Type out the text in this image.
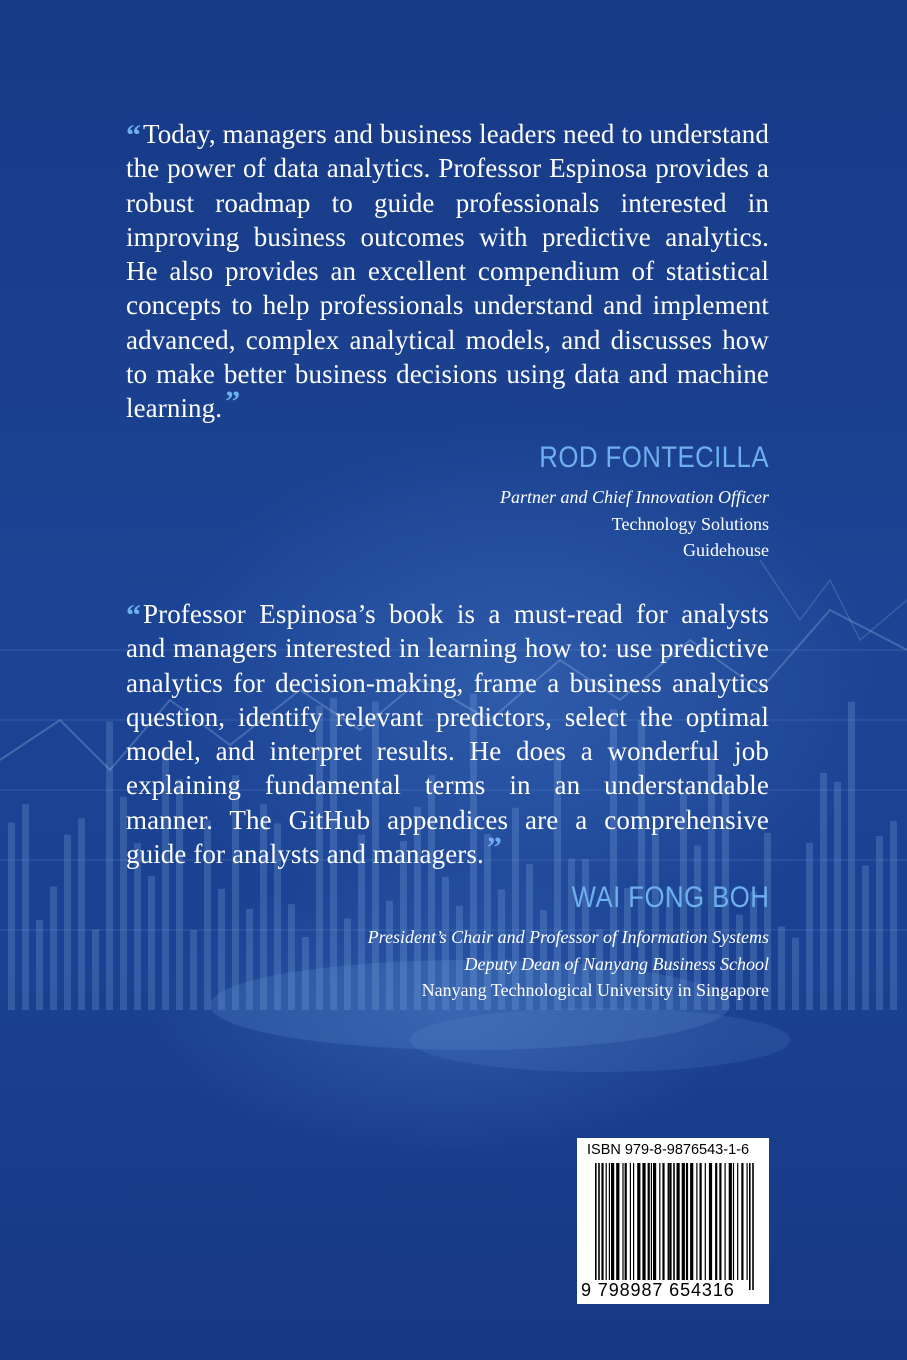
“ Today, managers and business leaders need to understand the power of data analytics. Professor Espinosa provides a robust roadmap to guide professionals interested in improving business outcomes with predictive analytics. He also provides an excellent compendium of statistical concepts to help professionals understand and implement advanced, complex analytical models, and discusses how to make better business decisions using data and machine learning. ”
ROD FONTECILLA
Partner and Chief Innovation Officer
Technology Solutions
Guidehouse
“ Professor Espinosa’s book is a must-read for analysts and managers interested in learning how to: use predictive analytics for decision-making, frame a business analytics question, identify relevant predictors, select the optimal model, and interpret results. He does a wonderful job explaining fundamental terms in an understandable manner. The GitHub appendices are a comprehensive guide for analysts and managers. ”
WAI FONG BOH
President’s Chair and Professor of Information Systems
Deputy Dean of Nanyang Business School
Nanyang Technological University in Singapore
ISBN 979-8-9876543-1-6
9 798987 654316
